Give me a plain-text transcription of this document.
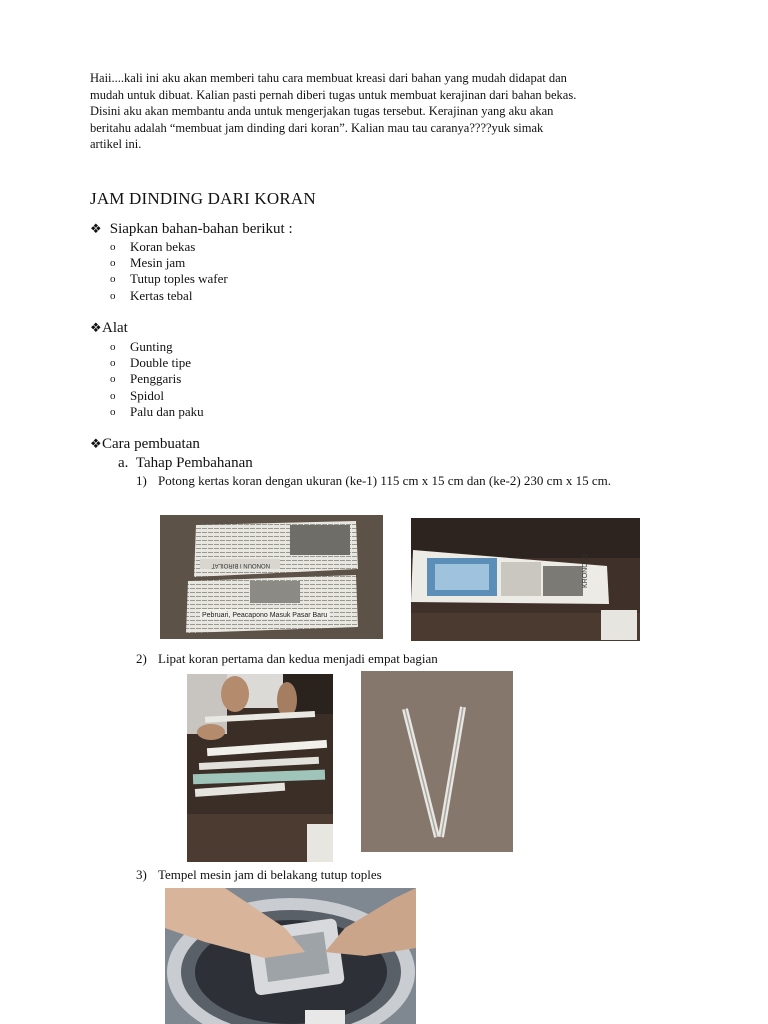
Haii....kali ini aku akan memberi tahu cara membuat kreasi dari bahan yang mudah didapat dan

mudah untuk dibuat. Kalian pasti pernah diberi tugas untuk membuat kerajinan dari bahan bekas.

Disini aku akan membantu anda untuk mengerjakan tugas tersebut. Kerajinan yang aku akan

beritahu adalah “membuat jam dinding dari koran”. Kalian mau tau caranya????yuk simak

artikel ini.

JAM DINDING DARI KORAN
❖ Siapkan bahan-bahan berikut :
o Koran bekas
o Mesin jam
o Tutup toples wafer
o Kertas tebal
❖Alat
o Gunting
o Double tipe
o Penggaris
o Spidol
o Palu dan paku
❖Cara pembuatan
a.  Tahap Pembahanan
1) Potong kertas koran dengan ukuran (ke-1) 115 cm x 15 cm dan (ke-2) 230 cm x 15 cm.
Pebruari, Peacapono Masuk Pasar Baru
NONOUN I BIROILAT	KRONOUJ
2) Lipat koran pertama dan kedua menjadi empat bagian
3) Tempel mesin jam di belakang tutup toples
